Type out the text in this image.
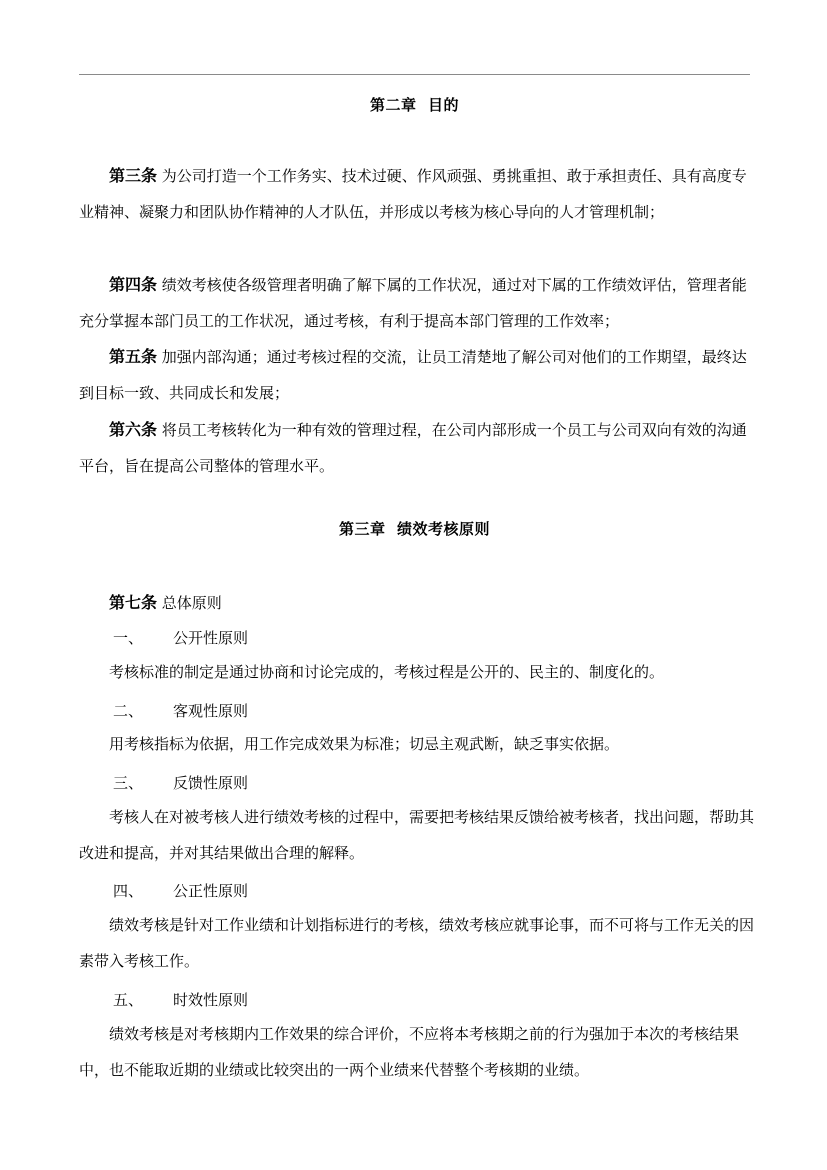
第二章  目的

第三条 为公司打造一个工作务实、技术过硬、作风顽强、勇挑重担、敢于承担责任、具有高度专业精神、凝聚力和团队协作精神的人才队伍，并形成以考核为核心导向的人才管理机制；

第四条 绩效考核使各级管理者明确了解下属的工作状况，通过对下属的工作绩效评估，管理者能充分掌握本部门员工的工作状况，通过考核，有利于提高本部门管理的工作效率；

第五条 加强内部沟通；通过考核过程的交流，让员工清楚地了解公司对他们的工作期望，最终达到目标一致、共同成长和发展；

第六条 将员工考核转化为一种有效的管理过程，在公司内部形成一个员工与公司双向有效的沟通平台，旨在提高公司整体的管理水平。

第三章  绩效考核原则
第七条 总体原则
一、 公开性原则

考核标准的制定是通过协商和讨论完成的，考核过程是公开的、民主的、制度化的。

二、 客观性原则

用考核指标为依据，用工作完成效果为标准；切忌主观武断，缺乏事实依据。

三、 反馈性原则

考核人在对被考核人进行绩效考核的过程中，需要把考核结果反馈给被考核者，找出问题，帮助其改进和提高，并对其结果做出合理的解释。

四、 公正性原则

绩效考核是针对工作业绩和计划指标进行的考核，绩效考核应就事论事，而不可将与工作无关的因素带入考核工作。

五、 时效性原则

绩效考核是对考核期内工作效果的综合评价，不应将本考核期之前的行为强加于本次的考核结果中，也不能取近期的业绩或比较突出的一两个业绩来代替整个考核期的业绩。
